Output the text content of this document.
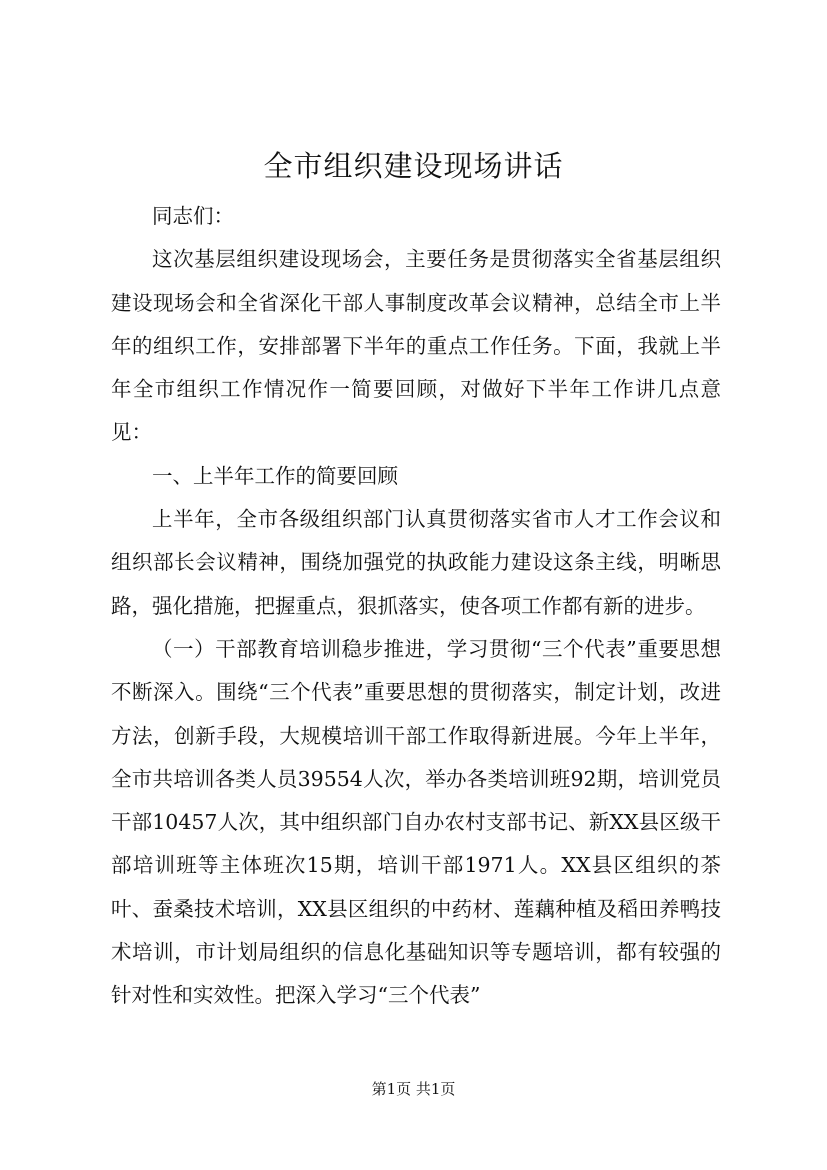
全市组织建设现场讲话

同志们：

这次基层组织建设现场会，主要任务是贯彻落实全省基层组织建设现场会和全省深化干部人事制度改革会议精神，总结全市上半年的组织工作，安排部署下半年的重点工作任务。下面，我就上半年全市组织工作情况作一简要回顾，对做好下半年工作讲几点意见：

一、上半年工作的简要回顾

上半年，全市各级组织部门认真贯彻落实省市人才工作会议和组织部长会议精神，围绕加强党的执政能力建设这条主线，明晰思路，强化措施，把握重点，狠抓落实，使各项工作都有新的进步。

（一）干部教育培训稳步推进，学习贯彻“三个代表”重要思想不断深入。围绕“三个代表”重要思想的贯彻落实，制定计划，改进方法，创新手段，大规模培训干部工作取得新进展。今年上半年，全市共培训各类人员39554人次，举办各类培训班92期，培训党员干部10457人次，其中组织部门自办农村支部书记、新XX县区级干部培训班等主体班次15期，培训干部1971人。XX县区组织的茶叶、蚕桑技术培训，XX县区组织的中药材、莲藕种植及稻田养鸭技术培训，市计划局组织的信息化基础知识等专题培训，都有较强的针对性和实效性。把深入学习“三个代表”

第1页 共1页
